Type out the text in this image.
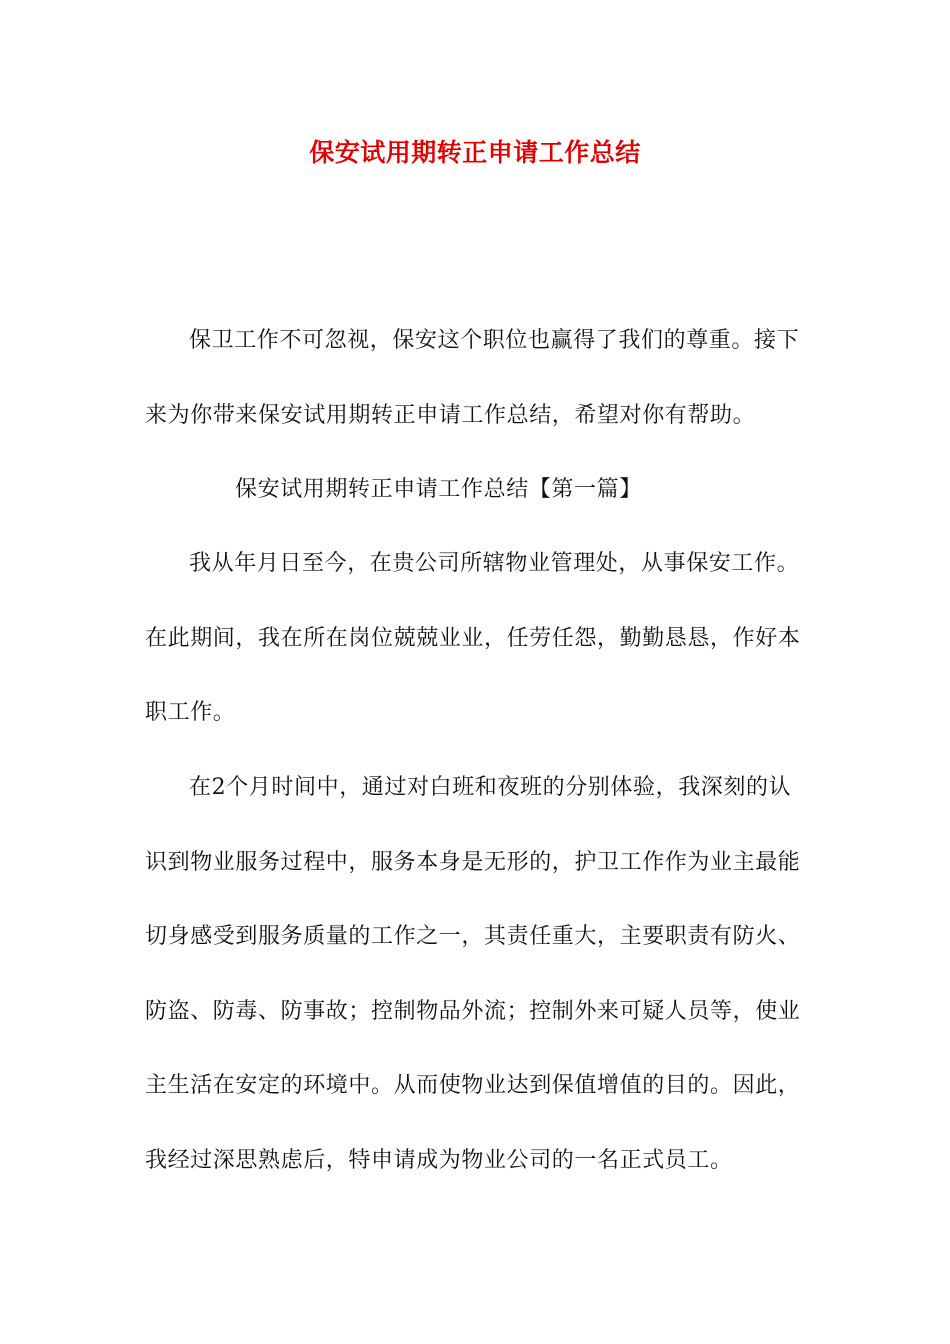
保安试用期转正申请工作总结

保卫工作不可忽视，保安这个职位也赢得了我们的尊重。接下来为你带来保安试用期转正申请工作总结，希望对你有帮助。

保安试用期转正申请工作总结【第一篇】

我从年月日至今，在贵公司所辖物业管理处，从事保安工作。在此期间，我在所在岗位兢兢业业，任劳任怨，勤勤恳恳，作好本职工作。

在2个月时间中，通过对白班和夜班的分别体验，我深刻的认识到物业服务过程中，服务本身是无形的，护卫工作作为业主最能切身感受到服务质量的工作之一，其责任重大，主要职责有防火、防盗、防毒、防事故；控制物品外流；控制外来可疑人员等，使业主生活在安定的环境中。从而使物业达到保值增值的目的。因此，我经过深思熟虑后，特申请成为物业公司的一名正式员工。
